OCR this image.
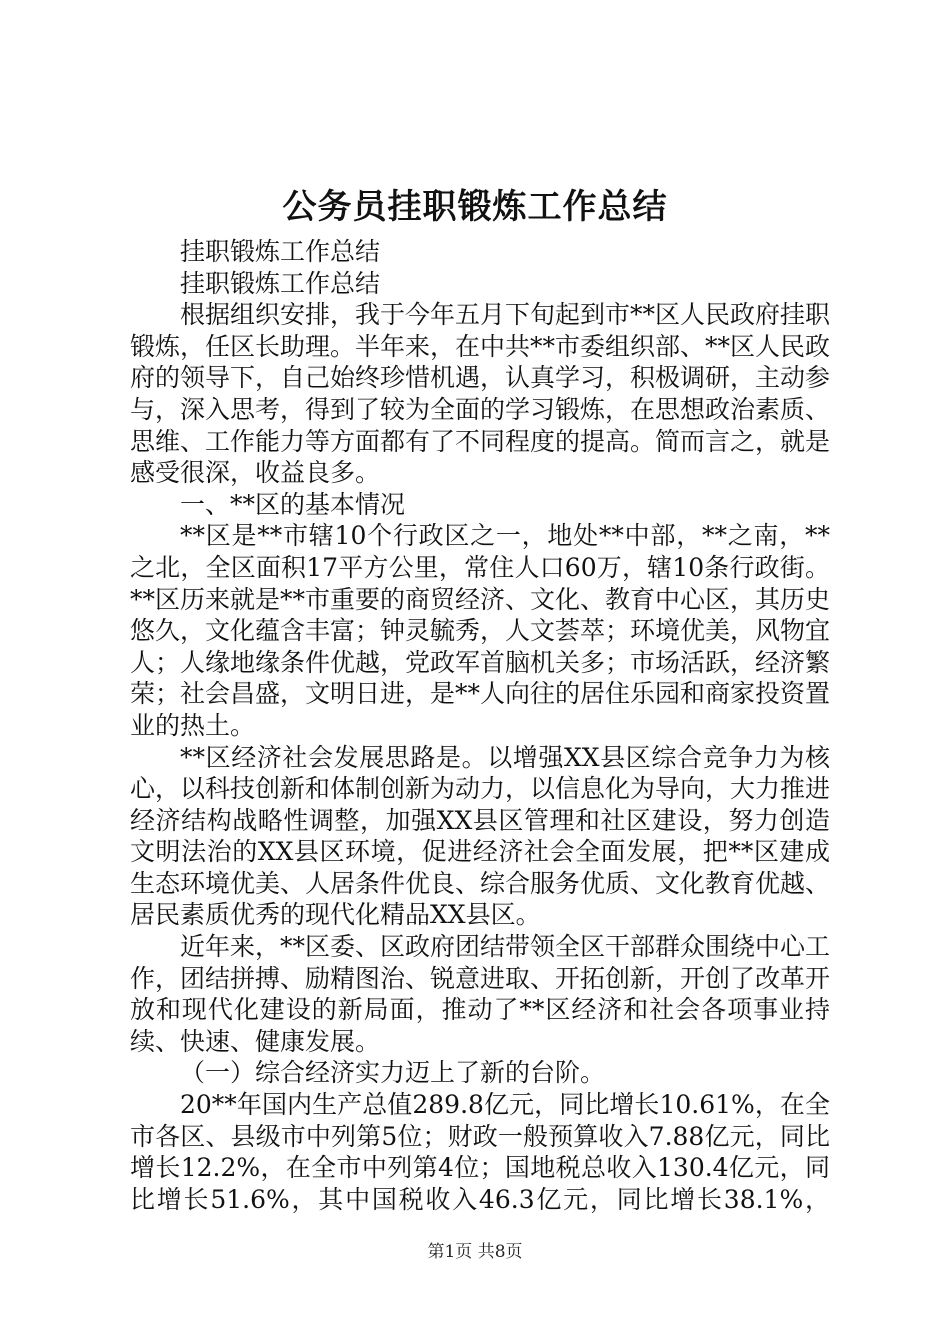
公务员挂职锻炼工作总结

挂职锻炼工作总结

挂职锻炼工作总结

根据组织安排，我于今年五月下旬起到市**区人民政府挂职锻炼，任区长助理。半年来，在中共**市委组织部、**区人民政府的领导下，自己始终珍惜机遇，认真学习，积极调研，主动参与，深入思考，得到了较为全面的学习锻炼，在思想政治素质、思维、工作能力等方面都有了不同程度的提高。简而言之，就是感受很深，收益良多。

一、**区的基本情况

**区是**市辖10个行政区之一，地处**中部，**之南，**之北，全区面积17平方公里，常住人口60万，辖10条行政街。**区历来就是**市重要的商贸经济、文化、教育中心区，其历史悠久，文化蕴含丰富；钟灵毓秀，人文荟萃；环境优美，风物宜人；人缘地缘条件优越，党政军首脑机关多；市场活跃，经济繁荣；社会昌盛，文明日进，是**人向往的居住乐园和商家投资置业的热土。

**区经济社会发展思路是。以增强XX县区综合竞争力为核心，以科技创新和体制创新为动力，以信息化为导向，大力推进经济结构战略性调整，加强XX县区管理和社区建设，努力创造文明法治的XX县区环境，促进经济社会全面发展，把**区建成生态环境优美、人居条件优良、综合服务优质、文化教育优越、居民素质优秀的现代化精品XX县区。

近年来，**区委、区政府团结带领全区干部群众围绕中心工作，团结拼搏、励精图治、锐意进取、开拓创新，开创了改革开放和现代化建设的新局面，推动了**区经济和社会各项事业持续、快速、健康发展。

（一）综合经济实力迈上了新的台阶。

20**年国内生产总值289.8亿元，同比增长10.61%，在全市各区、县级市中列第5位；财政一般预算收入7.88亿元，同比增长12.2%，在全市中列第4位；国地税总收入130.4亿元，同比增长51.6%，其中国税收入46.3亿元，同比增长38.1%，

第1页 共8页
